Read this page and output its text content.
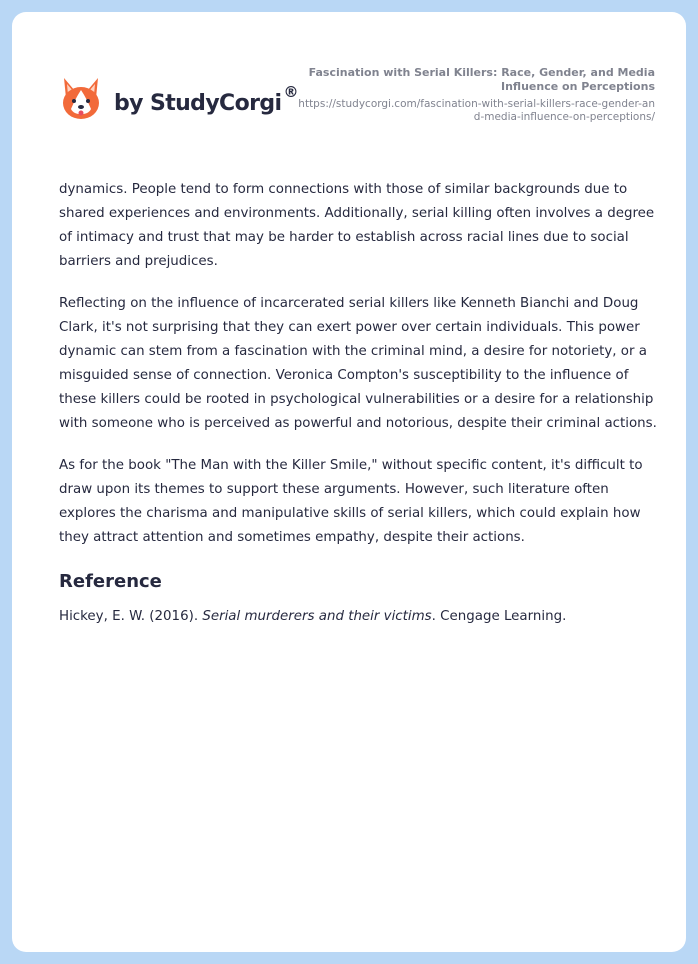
by StudyCorgi ®
Fascination with Serial Killers: Race, Gender, and Media Influence on Perceptions
https://studycorgi.com/fascination-with-serial-killers-race-gender-and-media-influence-on-perceptions/

dynamics. People tend to form connections with those of similar backgrounds due to shared experiences and environments. Additionally, serial killing often involves a degree of intimacy and trust that may be harder to establish across racial lines due to social barriers and prejudices.

Reflecting on the influence of incarcerated serial killers like Kenneth Bianchi and Doug Clark, it's not surprising that they can exert power over certain individuals. This power dynamic can stem from a fascination with the criminal mind, a desire for notoriety, or a misguided sense of connection. Veronica Compton's susceptibility to the influence of these killers could be rooted in psychological vulnerabilities or a desire for a relationship with someone who is perceived as powerful and notorious, despite their criminal actions.

As for the book "The Man with the Killer Smile," without specific content, it's difficult to draw upon its themes to support these arguments. However, such literature often explores the charisma and manipulative skills of serial killers, which could explain how they attract attention and sometimes empathy, despite their actions.

Reference

Hickey, E. W. (2016). Serial murderers and their victims. Cengage Learning.
